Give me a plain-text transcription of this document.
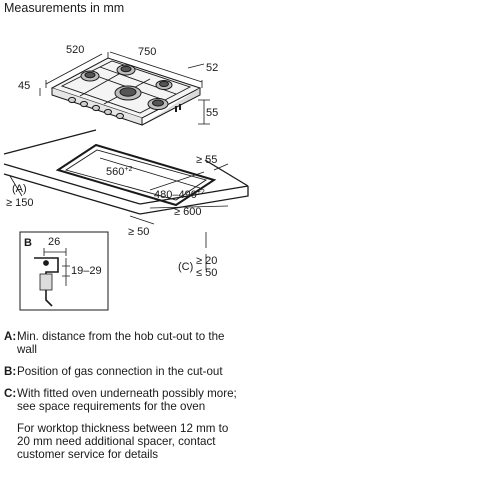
Measurements in mm
520	750
45
52
55
$560^{+2}$
$480-490^{+2}$
≥ 55
≥ 600
≥ 50
(A)
≥ 150
(C) ≥ 20
≤ 50
B 26
19–29
A: Min. distance from the hob cut-out to the wall
B: Position of gas connection in the cut-out
C: With fitted oven underneath possibly more; see space requirements for the oven
For worktop thickness between 12 mm to 20 mm need additional spacer, contact customer service for details
